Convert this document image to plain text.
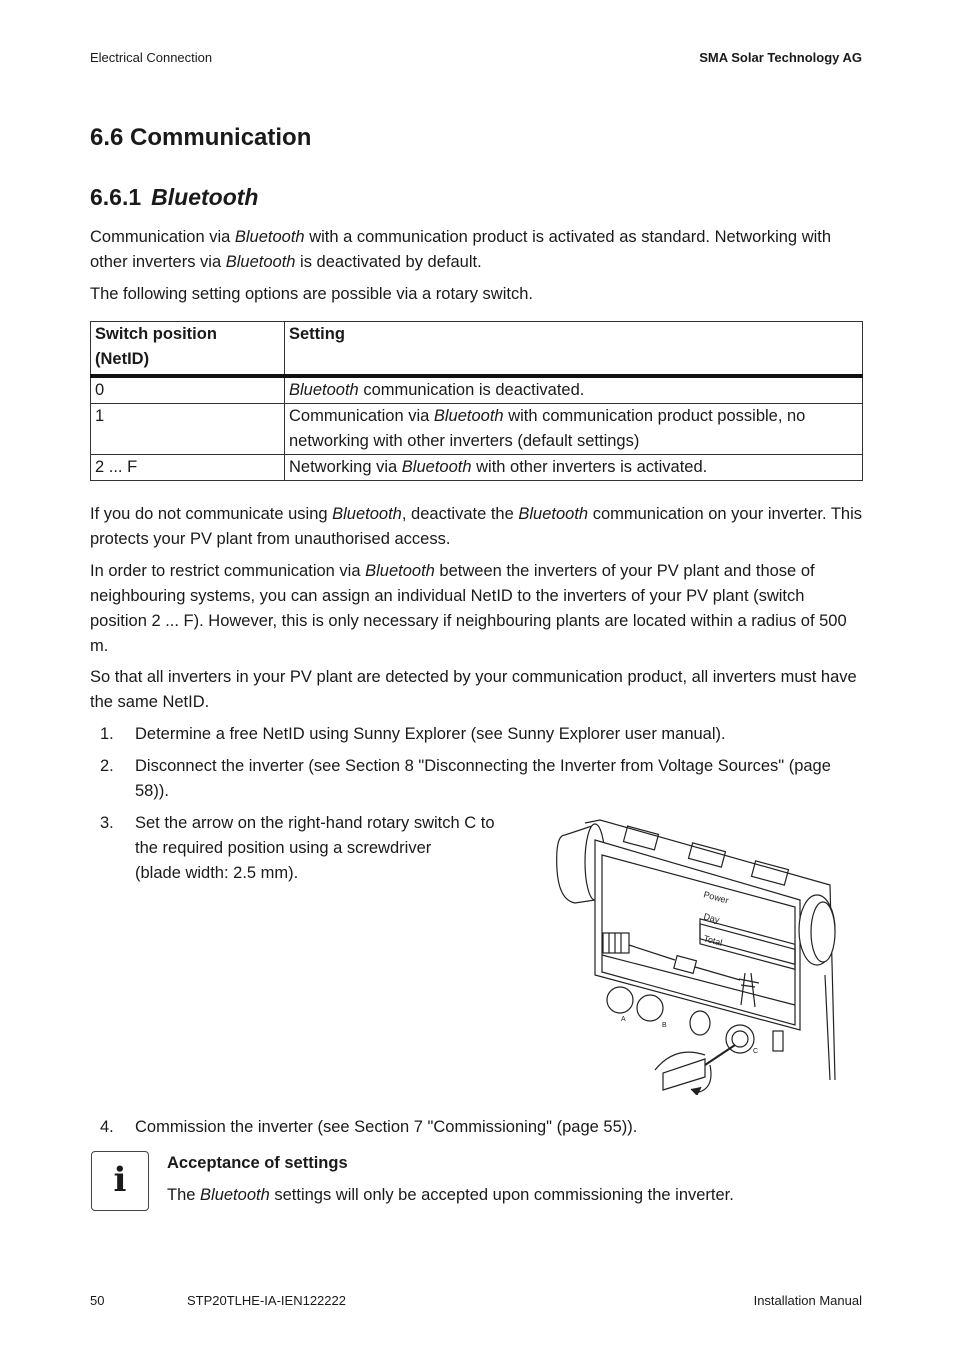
Electrical Connection	SMA Solar Technology AG
6.6 Communication
6.6.1 Bluetooth
Communication via Bluetooth with a communication product is activated as standard. Networking with other inverters via Bluetooth is deactivated by default.
The following setting options are possible via a rotary switch.
Switch position
(NetID)	Setting
0	Bluetooth communication is deactivated.
1	Communication via Bluetooth with communication product possible, no networking with other inverters (default settings)
2 ... F	Networking via Bluetooth with other inverters is activated.
If you do not communicate using Bluetooth, deactivate the Bluetooth communication on your inverter. This protects your PV plant from unauthorised access.
In order to restrict communication via Bluetooth between the inverters of your PV plant and those of neighbouring systems, you can assign an individual NetID to the inverters of your PV plant (switch position 2 ... F). However, this is only necessary if neighbouring plants are located within a radius of 500 m.
So that all inverters in your PV plant are detected by your communication product, all inverters must have the same NetID.
1. Determine a free NetID using Sunny Explorer (see Sunny Explorer user manual).
2. Disconnect the inverter (see Section 8 "Disconnecting the Inverter from Voltage Sources" (page 58)).
3. Set the arrow on the right-hand rotary switch C to
the required position using a screwdriver
(blade width: 2.5 mm).
Power
Day
Total
A
B
C
4. Commission the inverter (see Section 7 "Commissioning" (page 55)).
i	Acceptance of settings
The Bluetooth settings will only be accepted upon commissioning the inverter.
50	STP20TLHE-IA-IEN122222	Installation Manual
